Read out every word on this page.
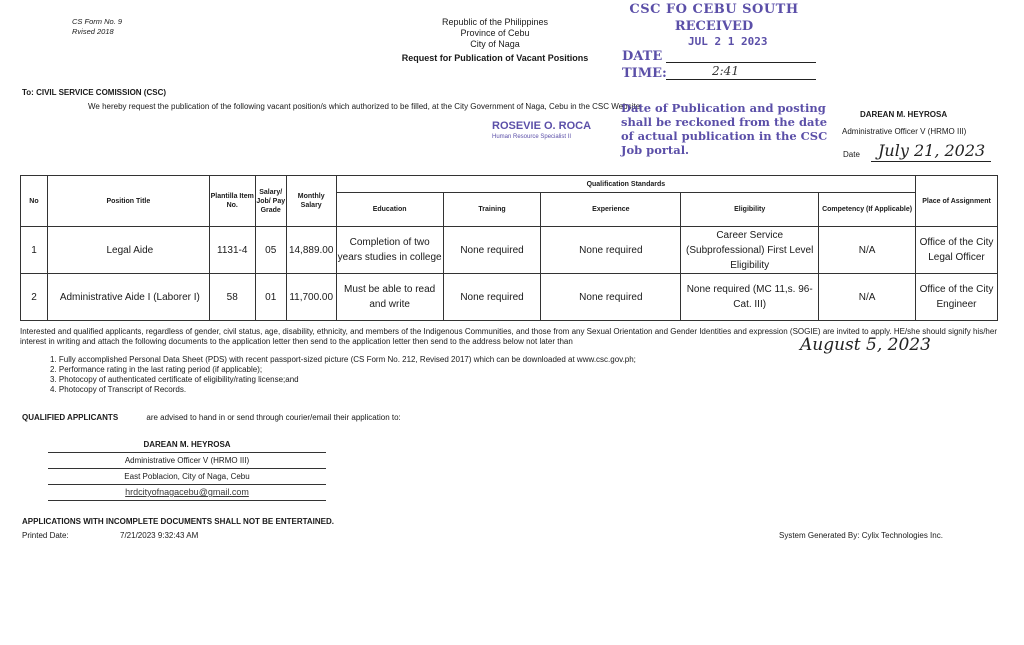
CS Form No. 9
Rvised 2018
Republic of the Philippines
Province of Cebu
City of Naga
Request for Publication of Vacant Positions
CSC FO CEBU SOUTH
RECEIVED
JUL 2 1 2023
DATE
TIME:	2:41
To: CIVIL SERVICE COMISSION (CSC)
We hereby request the publication of the following vacant position/s which authorized to be filled, at the City Government of Naga, Cebu in the CSC Website
ROSEVIE O. ROCA
Human Resource Specialist II
Date of Publication and posting shall be reckoned from the date of actual publication in the CSC Job portal.
DAREAN M. HEYROSA
Administrative Officer V (HRMO III)
Date July 21, 2023
No	Position Title	Plantilla Item No.	Salary/ Job/ Pay Grade	Monthly Salary	Qualification Standards					Place of Assignment
					Education	Training	Experience	Eligibility	Competency (If Applicable)	
1	Legal Aide	1131-4	05	14,889.00	Completion of two years studies in college	None required	None required	Career Service (Subprofessional) First Level Eligibility	N/A	Office of the City Legal Officer
2	Administrative Aide I (Laborer I)	58	01	11,700.00	Must be able to read and write	None required	None required	None required (MC 11,s. 96-Cat. III)	N/A	Office of the City Engineer
Interested and qualified applicants, regardless of gender, civil status, age, disability, ethnicity, and members of the Indigenous Communities, and those from any Sexual Orientation and Gender Identities and expression (SOGIE) are invited to apply. HE/she should signify his/her interest in writing and attach the following documents to the application letter then send to the application letter then send to the address below not later than	August 5, 2023
1. Fully accomplished Personal Data Sheet (PDS) with recent passport-sized picture (CS Form No. 212, Revised 2017) which can be downloaded at www.csc.gov.ph;
2. Performance rating in the last rating period (if applicable);
3. Photocopy of authenticated certificate of eligibility/rating license;and
4. Photocopy of Transcript of Records.
QUALIFIED APPLICANTS	are advised to hand in or send through courier/email their application to:
DAREAN M. HEYROSA
Administrative Officer V (HRMO III)
East Poblacion, City of Naga, Cebu
hrdcityofnagacebu@gmail.com
APPLICATIONS WITH INCOMPLETE DOCUMENTS SHALL NOT BE ENTERTAINED.
Printed Date:	7/21/2023 9:32:43 AM	System Generated By: Cylix Technologies Inc.
